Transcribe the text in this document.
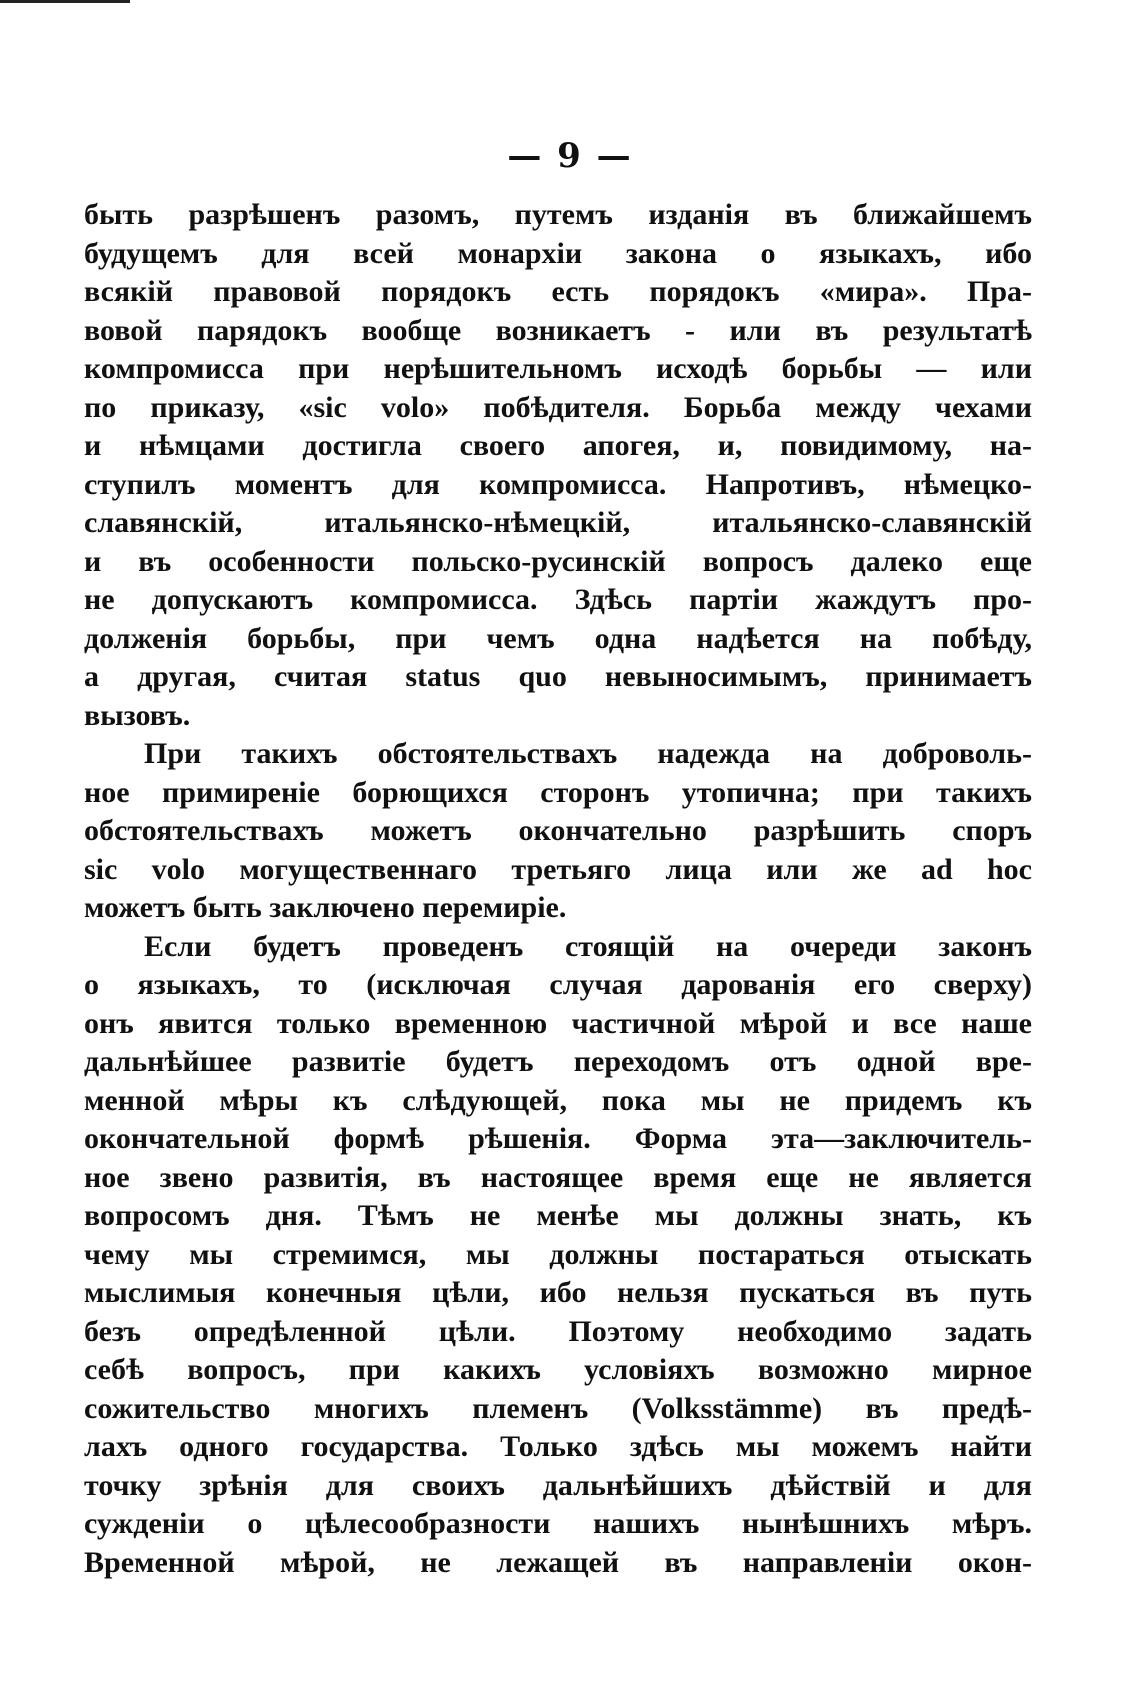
— 9 —
быть разрѣшенъ разомъ, путемъ изданія въ ближайшемъ
будущемъ для всей монархіи закона о языкахъ, ибо
всякій правовой порядокъ есть порядокъ «мира». Пра-
вовой парядокъ вообще возникаетъ - или въ результатѣ
компромисса при нерѣшительномъ исходѣ борьбы — или
по приказу, «sic volo» побѣдителя. Борьба между чехами
и нѣмцами достигла своего апогея, и, повидимому, на-
ступилъ моментъ для компромисса. Напротивъ, нѣмецко-
славянскій, итальянско-нѣмецкій, итальянско-славянскій
и въ особенности польско-русинскій вопросъ далеко еще
не допускаютъ компромисса. Здѣсь партіи жаждутъ про-
долженія борьбы, при чемъ одна надѣется на побѣду,
а другая, считая status quo невыносимымъ, принимаетъ
вызовъ.
При такихъ обстоятельствахъ надежда на доброволь-
ное примиреніе борющихся сторонъ утопична; при такихъ
обстоятельствахъ можетъ окончательно разрѣшить споръ
sic volo могущественнаго третьяго лица или же ad hoc
можетъ быть заключено перемиріе.
Если будетъ проведенъ стоящій на очереди законъ
о языкахъ, то (исключая случая дарованія его сверху)
онъ явится только временною частичной мѣрой и все наше
дальнѣйшее развитіе будетъ переходомъ отъ одной вре-
менной мѣры къ слѣдующей, пока мы не придемъ къ
окончательной формѣ рѣшенія. Форма эта—заключитель-
ное звено развитія, въ настоящее время еще не является
вопросомъ дня. Тѣмъ не менѣе мы должны знать, къ
чему мы стремимся, мы должны постараться отыскать
мыслимыя конечныя цѣли, ибо нельзя пускаться въ путь
безъ опредѣленной цѣли. Поэтому необходимо задать
себѣ вопросъ, при какихъ условіяхъ возможно мирное
сожительство многихъ племенъ (Volksstämme) въ предѣ-
лахъ одного государства. Только здѣсь мы можемъ найти
точку зрѣнія для своихъ дальнѣйшихъ дѣйствій и для
сужденіи о цѣлесообразности нашихъ нынѣшнихъ мѣръ.
Временной мѣрой, не лежащей въ направленіи окон-
